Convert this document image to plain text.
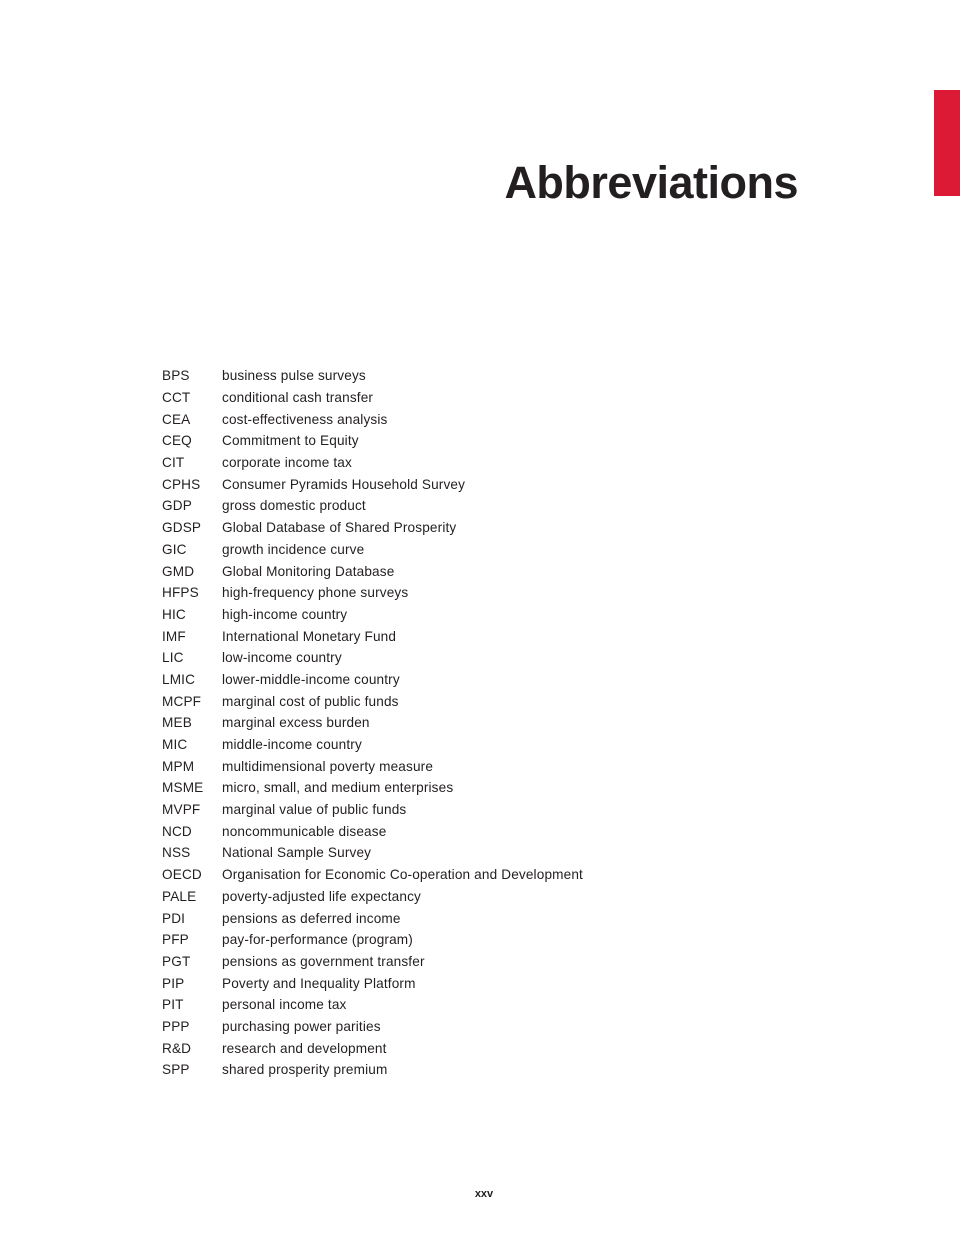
Abbreviations
BPS	business pulse surveys
CCT	conditional cash transfer
CEA	cost-effectiveness analysis
CEQ	Commitment to Equity
CIT	corporate income tax
CPHS	Consumer Pyramids Household Survey
GDP	gross domestic product
GDSP	Global Database of Shared Prosperity
GIC	growth incidence curve
GMD	Global Monitoring Database
HFPS	high-frequency phone surveys
HIC	high-income country
IMF	International Monetary Fund
LIC	low-income country
LMIC	lower-middle-income country
MCPF	marginal cost of public funds
MEB	marginal excess burden
MIC	middle-income country
MPM	multidimensional poverty measure
MSME	micro, small, and medium enterprises
MVPF	marginal value of public funds
NCD	noncommunicable disease
NSS	National Sample Survey
OECD	Organisation for Economic Co-operation and Development
PALE	poverty-adjusted life expectancy
PDI	pensions as deferred income
PFP	pay-for-performance (program)
PGT	pensions as government transfer
PIP	Poverty and Inequality Platform
PIT	personal income tax
PPP	purchasing power parities
R&D	research and development
SPP	shared prosperity premium
xxv
